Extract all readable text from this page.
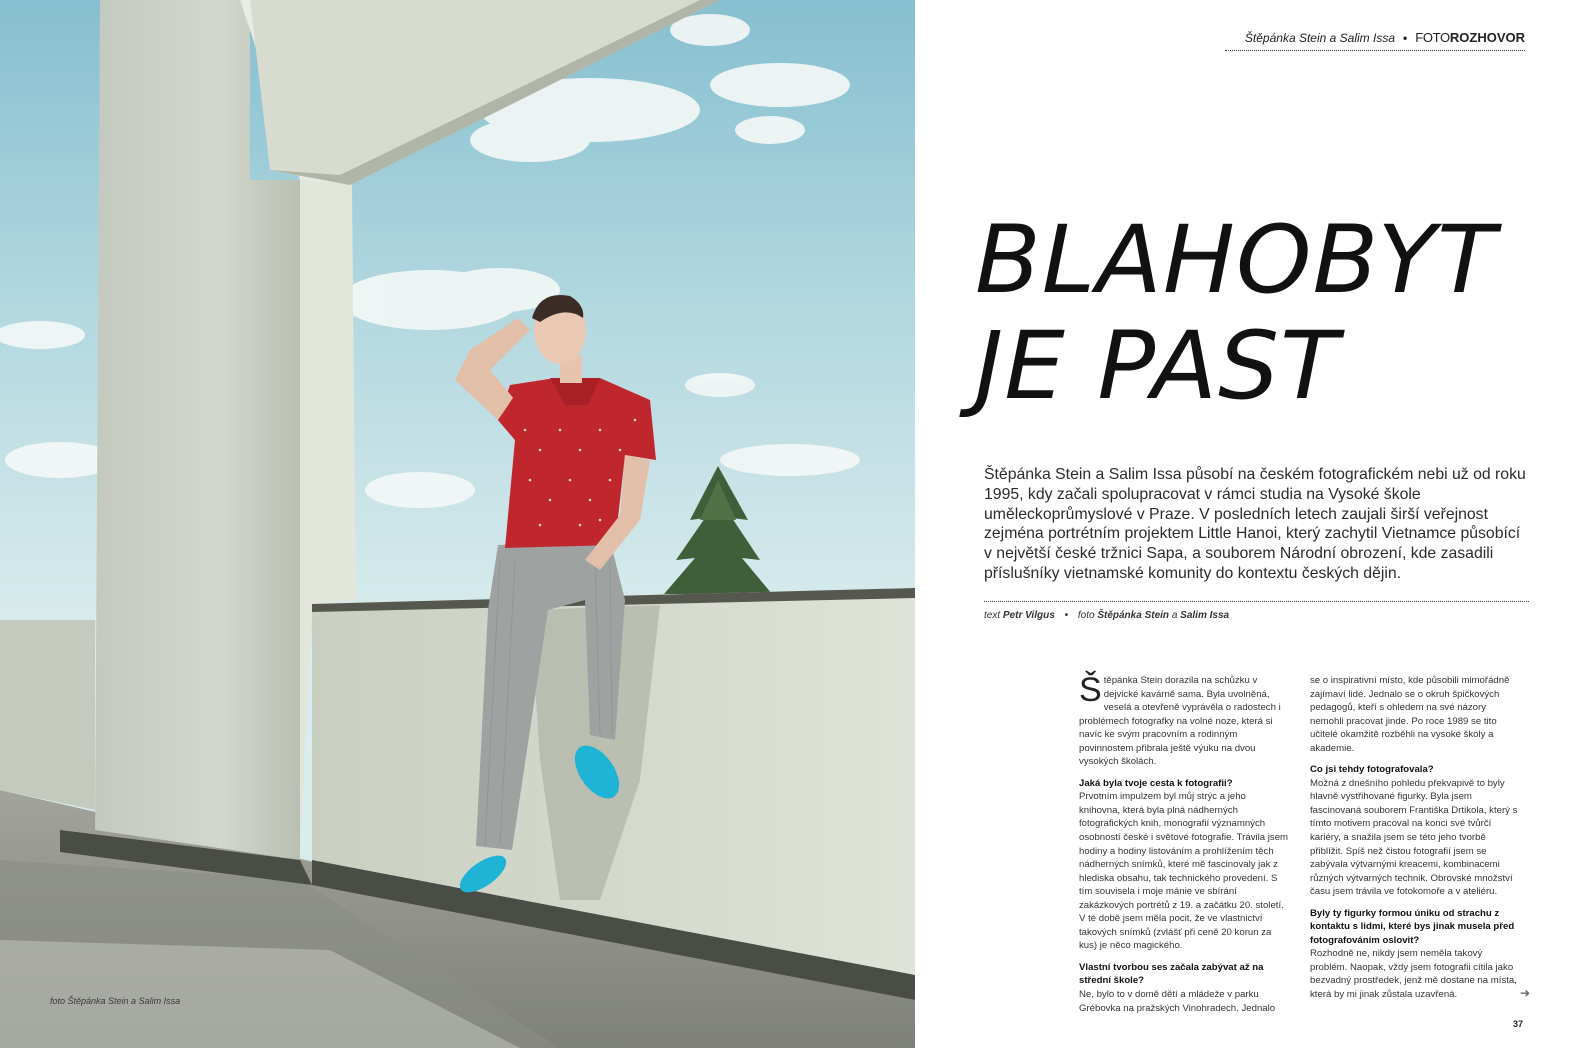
foto Štěpánka Stein a Salim Issa
Štěpánka Stein a Salim Issa • FOTOROZHOVOR
BLAHOBYT
JE PAST

Štěpánka Stein a Salim Issa působí na českém fotografickém nebi už od roku 1995, kdy začali spolupracovat v rámci studia na Vysoké škole uměleckoprůmyslové v Praze. V posledních letech zaujali širší veřejnost zejména portrétním projektem Little Hanoi, který zachytil Vietnamce působící v největší české tržnici Sapa, a souborem Národní obrození, kde zasadili příslušníky vietnamské komunity do kontextu českých dějin.

text Petr Vilgus • foto Štěpánka Stein a Salim Issa

Štěpánka Stein dorazila na schůzku v dejvické kavárně sama. Byla uvolněná, veselá a otevřeně vyprávěla o radostech i problémech fotografky na volné noze, která si navíc ke svým pracovním a rodinným povinnostem přibrala ještě výuku na dvou vysokých školách.

Jaká byla tvoje cesta k fotografii?

Prvotním impulzem byl můj strýc a jeho knihovna, která byla plná nádherných fotografických knih, monografií významných osobností české i světové fotografie. Trávila jsem hodiny a hodiny listováním a prohlížením těch nádherných snímků, které mě fascinovaly jak z hlediska obsahu, tak technického provedení. S tím souvisela i moje mánie ve sbírání zakázkových portrétů z 19. a začátku 20. století. V té době jsem měla pocit, že ve vlastnictví takových snímků (zvlášť při ceně 20 korun za kus) je něco magického.

Vlastní tvorbou ses začala zabývat až na střední škole?

Ne, bylo to v domě dětí a mládeže v parku Grébovka na pražských Vinohradech. Jednalo

se o inspirativní místo, kde působili mimořádně zajímaví lidé. Jednalo se o okruh špičkových pedagogů, kteří s ohledem na své názory nemohli pracovat jinde. Po roce 1989 se tito učitelé okamžitě rozběhli na vysoké školy a akademie.

Co jsi tehdy fotografovala?

Možná z dnešního pohledu překvapivě to byly hlavně vystřihované figurky. Byla jsem fascinovaná souborem Františka Drtikola, který s tímto motivem pracoval na konci své tvůrčí kariéry, a snažila jsem se této jeho tvorbě přiblížit. Spíš než čistou fotografií jsem se zabývala výtvarnými kreacemi, kombinacemi různých výtvarných technik. Obrovské množství času jsem trávila ve fotokomoře a v ateliéru.

Byly ty figurky formou úniku od strachu z kontaktu s lidmi, které bys jinak musela před fotografováním oslovit?

Rozhodně ne, nikdy jsem neměla takový problém. Naopak, vždy jsem fotografii cítila jako bezvadný prostředek, jenž mě dostane na místa, která by mi jinak zůstala uzavřená.	➔
37
